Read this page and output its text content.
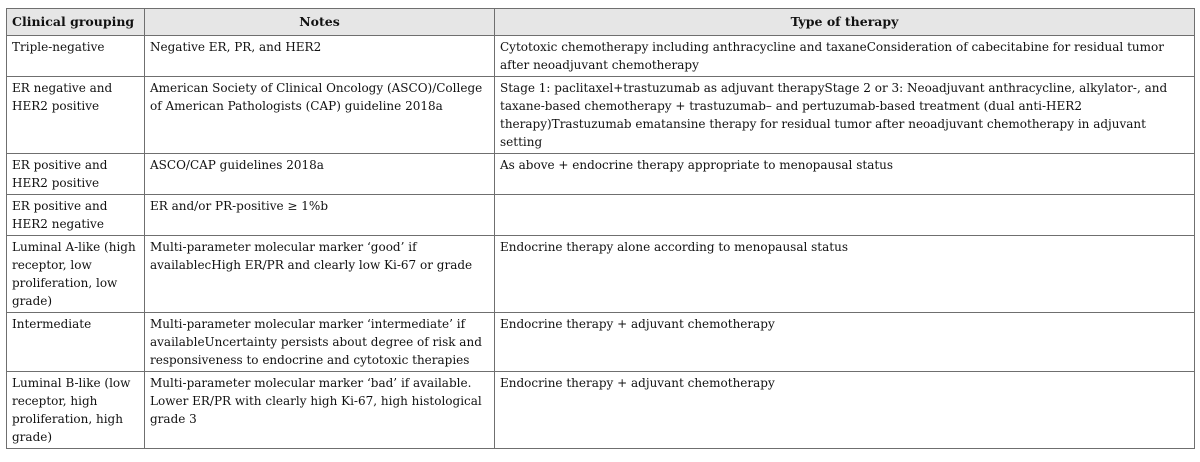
Clinical grouping	Notes	Type of therapy
Triple-negative	Negative ER, PR, and HER2	Cytotoxic chemotherapy including anthracycline and taxaneConsideration of cabecitabine for residual tumor after neoadjuvant chemotherapy
ER negative and HER2 positive	American Society of Clinical Oncology (ASCO)/College of American Pathologists (CAP) guideline 2018a	Stage 1: paclitaxel+trastuzumab as adjuvant therapyStage 2 or 3: Neoadjuvant anthracycline, alkylator-, and taxane-based chemotherapy + trastuzumab– and pertuzumab-based treatment (dual anti-HER2 therapy)Trastuzumab ematansine therapy for residual tumor after neoadjuvant chemotherapy in adjuvant setting
ER positive and HER2 positive	ASCO/CAP guidelines 2018a	As above + endocrine therapy appropriate to menopausal status
ER positive and HER2 negative	ER and/or PR-positive ≥ 1%b	
Luminal A-like (high receptor, low proliferation, low grade)	Multi-parameter molecular marker ‘good’ if availablecHigh ER/PR and clearly low Ki-67 or grade	Endocrine therapy alone according to menopausal status
Intermediate	Multi-parameter molecular marker ‘intermediate’ if availableUncertainty persists about degree of risk and responsiveness to endocrine and cytotoxic therapies	Endocrine therapy + adjuvant chemotherapy
Luminal B-like (low receptor, high proliferation, high grade)	Multi-parameter molecular marker ‘bad’ if available. Lower ER/PR with clearly high Ki-67, high histological grade 3	Endocrine therapy + adjuvant chemotherapy
